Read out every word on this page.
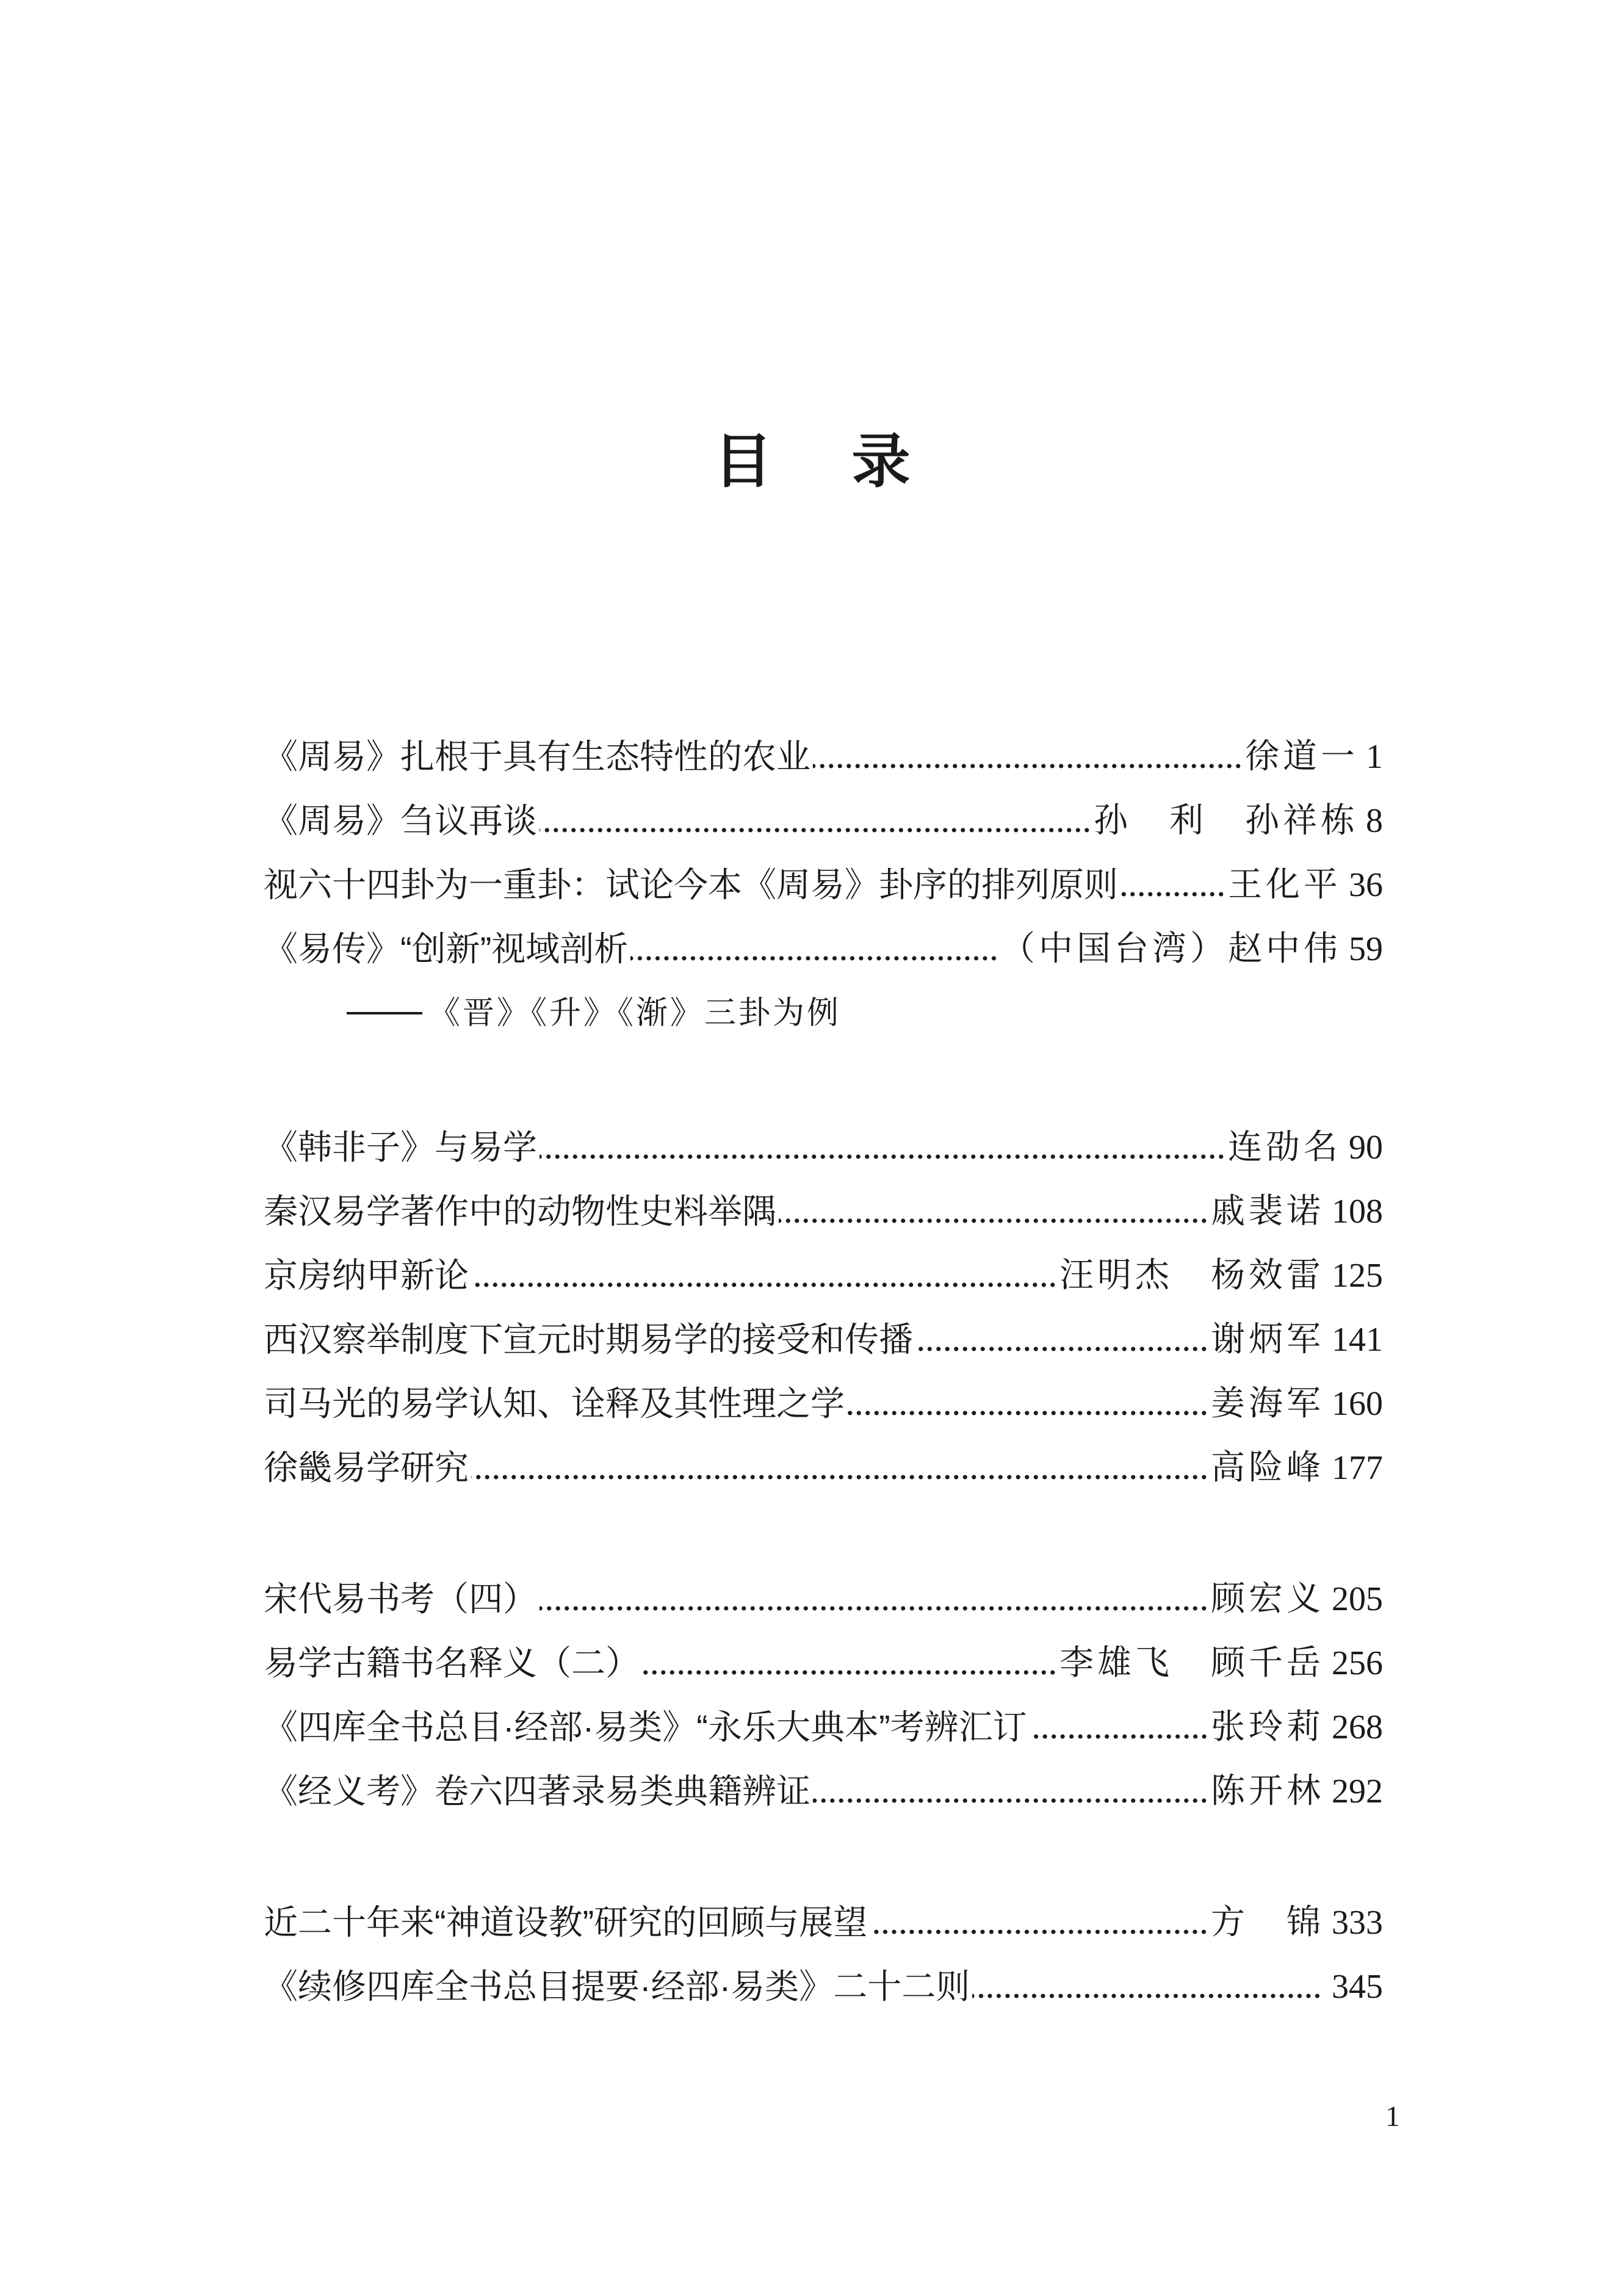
目录
《周易》扎根于具有生态特性的农业	徐道一 1
《周易》刍议再谈	孙　利　孙祥栋 8
视六十四卦为一重卦：试论今本《周易》卦序的排列原则	王化平 36
《易传》“创新”视域剖析	（中国台湾）赵中伟 59
《晋》《升》《渐》三卦为例
《韩非子》与易学	连劭名 90
秦汉易学著作中的动物性史料举隅	戚裴诺 108
京房纳甲新论	汪明杰　杨效雷 125
西汉察举制度下宣元时期易学的接受和传播	谢炳军 141
司马光的易学认知、诠释及其性理之学	姜海军 160
徐畿易学研究	高险峰 177
宋代易书考（四）	顾宏义 205
易学古籍书名释义（二）	李雄飞　顾千岳 256
《四库全书总目·经部·易类》“永乐大典本”考辨汇订	张玲莉 268
《经义考》卷六四著录易类典籍辨证	陈开林 292
近二十年来“神道设教”研究的回顾与展望	方　锦 333
《续修四库全书总目提要·经部·易类》二十二则	345
1
